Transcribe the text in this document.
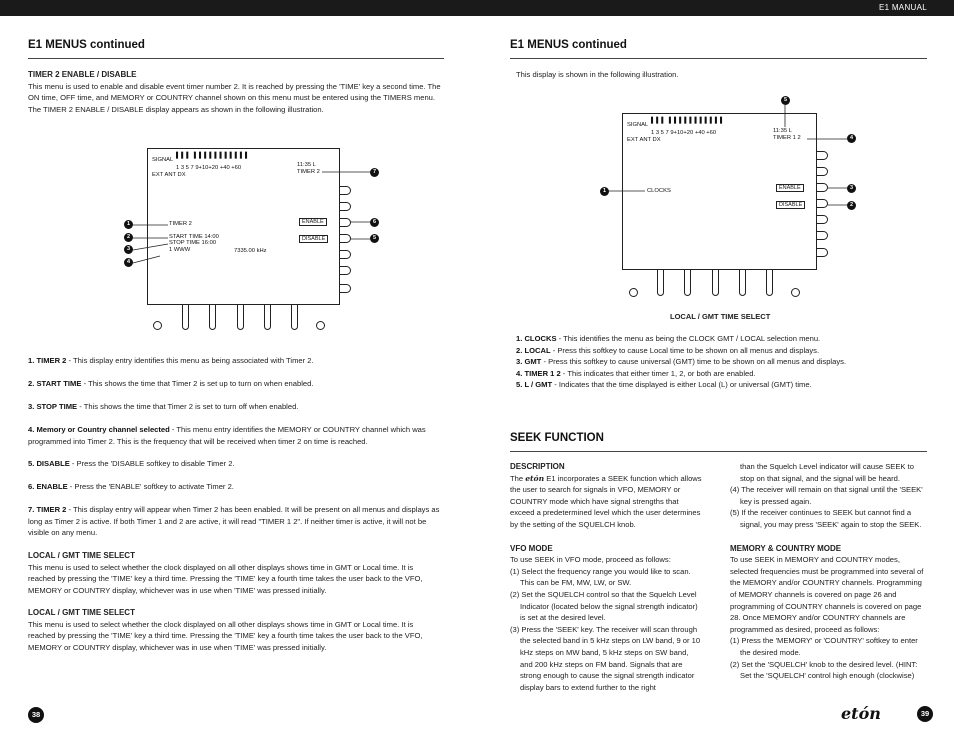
E1 MANUAL
E1 MENUS continued
TIMER 2 ENABLE / DISABLE
This menu is used to enable and disable event timer number 2. It is reached by pressing the 'TIME' key a second time. The ON time, OFF time, and MEMORY or COUNTRY channel shown on this menu must be entered using the TIMERS menu. The TIMER 2 ENABLE / DISABLE display appears as shown in the following illustration.
SIGNAL
▌▌▌ ▌▌▌▌▌▌▌▌▌▌▌
1 3 5 7 9+10+20 +40 +60
EXT ANT DX
11:35 L
TIMER 2
TIMER 2
START TIME 14:00
STOP TIME 16:00
1 WWW	7335.00 kHz
ENABLE
DISABLE
1
2
3
4
5
6
7
1. TIMER 2 - This display entry identifies this menu as being associated with Timer 2.
2. START TIME - This shows the time that Timer 2 is set up to turn on when enabled.
3. STOP TIME - This shows the time that Timer 2 is set to turn off when enabled.
4. Memory or Country channel selected - This menu entry identifies the MEMORY or COUNTRY channel which was programmed into Timer 2. This is the frequency that will be received when timer 2 on time is reached.
5. DISABLE - Press the 'DISABLE softkey to disable Timer 2.
6. ENABLE - Press the 'ENABLE' softkey to activate Timer 2.
7. TIMER 2 - This display entry will appear when Timer 2 has been enabled. It will be present on all menus and displays as long as Timer 2 is active. If both Timer 1 and 2 are active, it will read "TIMER 1 2". If neither timer is active, it will not be visible on any menu.
LOCAL / GMT TIME SELECT
This menu is used to select whether the clock displayed on all other displays shows time in GMT or Local time. It is reached by pressing the 'TIME' key a third time. Pressing the 'TIME' key a fourth time takes the user back to the VFO, MEMORY or COUNTRY display, whichever was in use when 'TIME' was pressed initially.
LOCAL / GMT TIME SELECT
This menu is used to select whether the clock displayed on all other displays shows time in GMT or Local time. It is reached by pressing the 'TIME' key a third time. Pressing the 'TIME' key a fourth time takes the user back to the VFO, MEMORY or COUNTRY display, whichever was in use when 'TIME' was pressed initially.
38
E1 MENUS continued
This display is shown in the following illustration.
SIGNAL
▌▌▌ ▌▌▌▌▌▌▌▌▌▌▌
1 3 5 7 9+10+20 +40 +60
EXT ANT DX
11:35 L
TIMER 1 2
CLOCKS	ENABLE
DISABLE
1
2
3
4
5
LOCAL / GMT TIME SELECT
1. CLOCKS - This identifies the menu as being the CLOCK GMT / LOCAL selection menu.
2. LOCAL - Press this softkey to cause Local time to be shown on all menus and displays.
3. GMT - Press this softkey to cause universal (GMT) time to be shown on all menus and displays.
4. TIMER 1 2 - This indicates that either timer 1, 2, or both are enabled.
5. L / GMT - Indicates that the time displayed is either Local (L) or universal (GMT) time.
SEEK FUNCTION
DESCRIPTION
The etón E1 incorporates a SEEK function which allows the user to search for signals in VFO, MEMORY or COUNTRY mode which have signal strengths that exceed a predetermined level which the user determines by the setting of the SQUELCH knob.
VFO MODE
To use SEEK in VFO mode, proceed as follows:
(1) Select the frequency range you would like to scan. This can be FM, MW, LW, or SW.
(2) Set the SQUELCH control so that the Squelch Level Indicator (located below the signal strength indicator) is set at the desired level.
(3) Press the 'SEEK' key. The receiver will scan through the selected band in 5 kHz steps on LW band, 9 or 10 kHz steps on MW band, 5 kHz steps on SW band, and 200 kHz steps on FM band. Signals that are strong enough to cause the signal strength indicator display bars to extend further to the right
than the Squelch Level indicator will cause SEEK to stop on that signal, and the signal will be heard.
(4) The receiver will remain on that signal until the 'SEEK' key is pressed again.
(5) If the receiver continues to SEEK but cannot find a signal, you may press 'SEEK' again to stop the SEEK.
MEMORY & COUNTRY MODE
To use SEEK in MEMORY and COUNTRY modes, selected frequencies must be programmed into several of the MEMORY and/or COUNTRY channels. Programming of MEMORY channels is covered on page 26 and programming of COUNTRY channels is covered on page 28. Once MEMORY and/or COUNTRY channels are programmed as desired, proceed as follows:
(1) Press the 'MEMORY' or 'COUNTRY' softkey to enter the desired mode.
(2) Set the 'SQUELCH' knob to the desired level. (HINT: Set the 'SQUELCH' control high enough (clockwise)
etón	39
